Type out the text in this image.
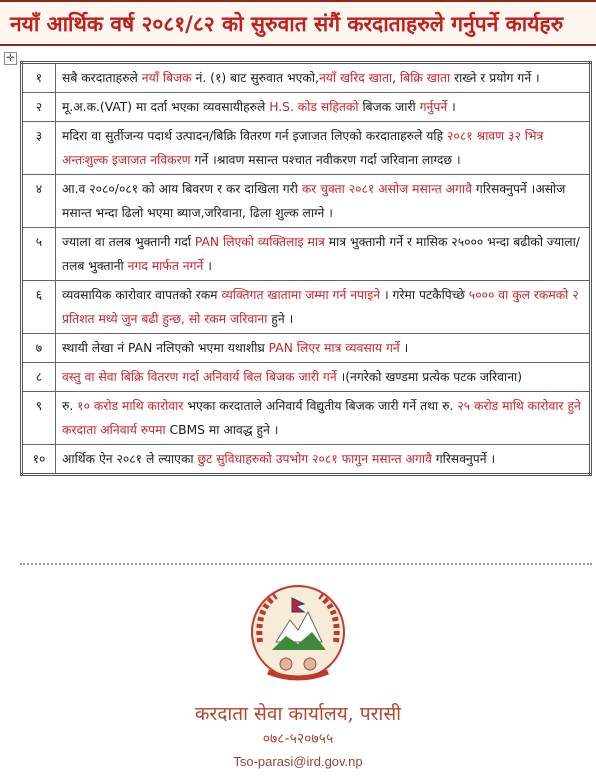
नयाँ आर्थिक वर्ष २०८१/८२ को सुरुवात संगैं करदाताहरुले गर्नुपर्ने कार्यहरु
✛
१	सबै करदाताहरुले नयाँ बिजक नं. (१) बाट सुरुवात भएको,नयाँ खरिद खाता, बिक्रि खाता राख्ने र प्रयोग गर्ने ।
२	मू.अ.क.(VAT) मा दर्ता भएका व्यवसायीहरुले H.S. कोड सहितको बिजक जारी गर्नुपर्ने ।
३	मदिरा वा सुर्तीजन्य पदार्थ उत्पादन/बिक्रि वितरण गर्न इजाजत लिएको करदाताहरुले यहि २०८१ श्रावण ३२ भित्र अन्तःशुल्क इजाजत नविकरण गर्ने ।श्रावण मसान्त पश्चात नवीकरण गर्दा जरिवाना लाग्दछ ।
४	आ.व २०८०/०८१ को आय बिवरण र कर दाखिला गरी कर चुक्ता २०८१ असोज मसान्त अगावै गरिसक्नुपर्ने ।असोज मसान्त भन्दा ढिलो भएमा ब्याज,जरिवाना, ढिला शुल्क लाग्ने ।
५	ज्याला वा तलब भुक्तानी गर्दा PAN लिएको व्यक्तिलाइ मात्र मात्र भुक्तानी गर्ने र मासिक २५००० भन्दा बढीको ज्याला/तलब भुक्तानी नगद मार्फत नगर्ने ।
६	व्यवसायिक कारोवार वापतको रकम व्यक्तिगत खातामा जम्मा गर्न नपाइने । गरेमा पटकैपिच्छे ५००० वा कुल रकमको २ प्रतिशत मध्ये जुन बढी हुन्छ, सो रकम जरिवाना हुने ।
७	स्थायी लेखा नं PAN नलिएको भएमा यथाशीघ्र PAN लिएर मात्र व्यवसाय गर्ने ।
८	वस्तु वा सेवा बिक्रि वितरण गर्दा अनिवार्य बिल बिजक जारी गर्ने ।(नगरेको खण्डमा प्रत्येक पटक जरिवाना)
९	रु. १० करोड माथि कारोवार भएका करदाताले अनिवार्य विद्युतीय बिजक जारी गर्ने तथा रु. २५ करोड माथि कारोवार हुने करदाता अनिवार्य रुपमा CBMS मा आवद्ध हुने ।
१०	आर्थिक ऐन २०८१ ले ल्याएका छुट सुविधाहरुको उपभोग २०८१ फागुन मसान्त अगावै गरिसक्नुपर्ने ।
करदाता सेवा कार्यालय, परासी
०७८-५२०७५५
Tso-parasi@ird.gov.np
